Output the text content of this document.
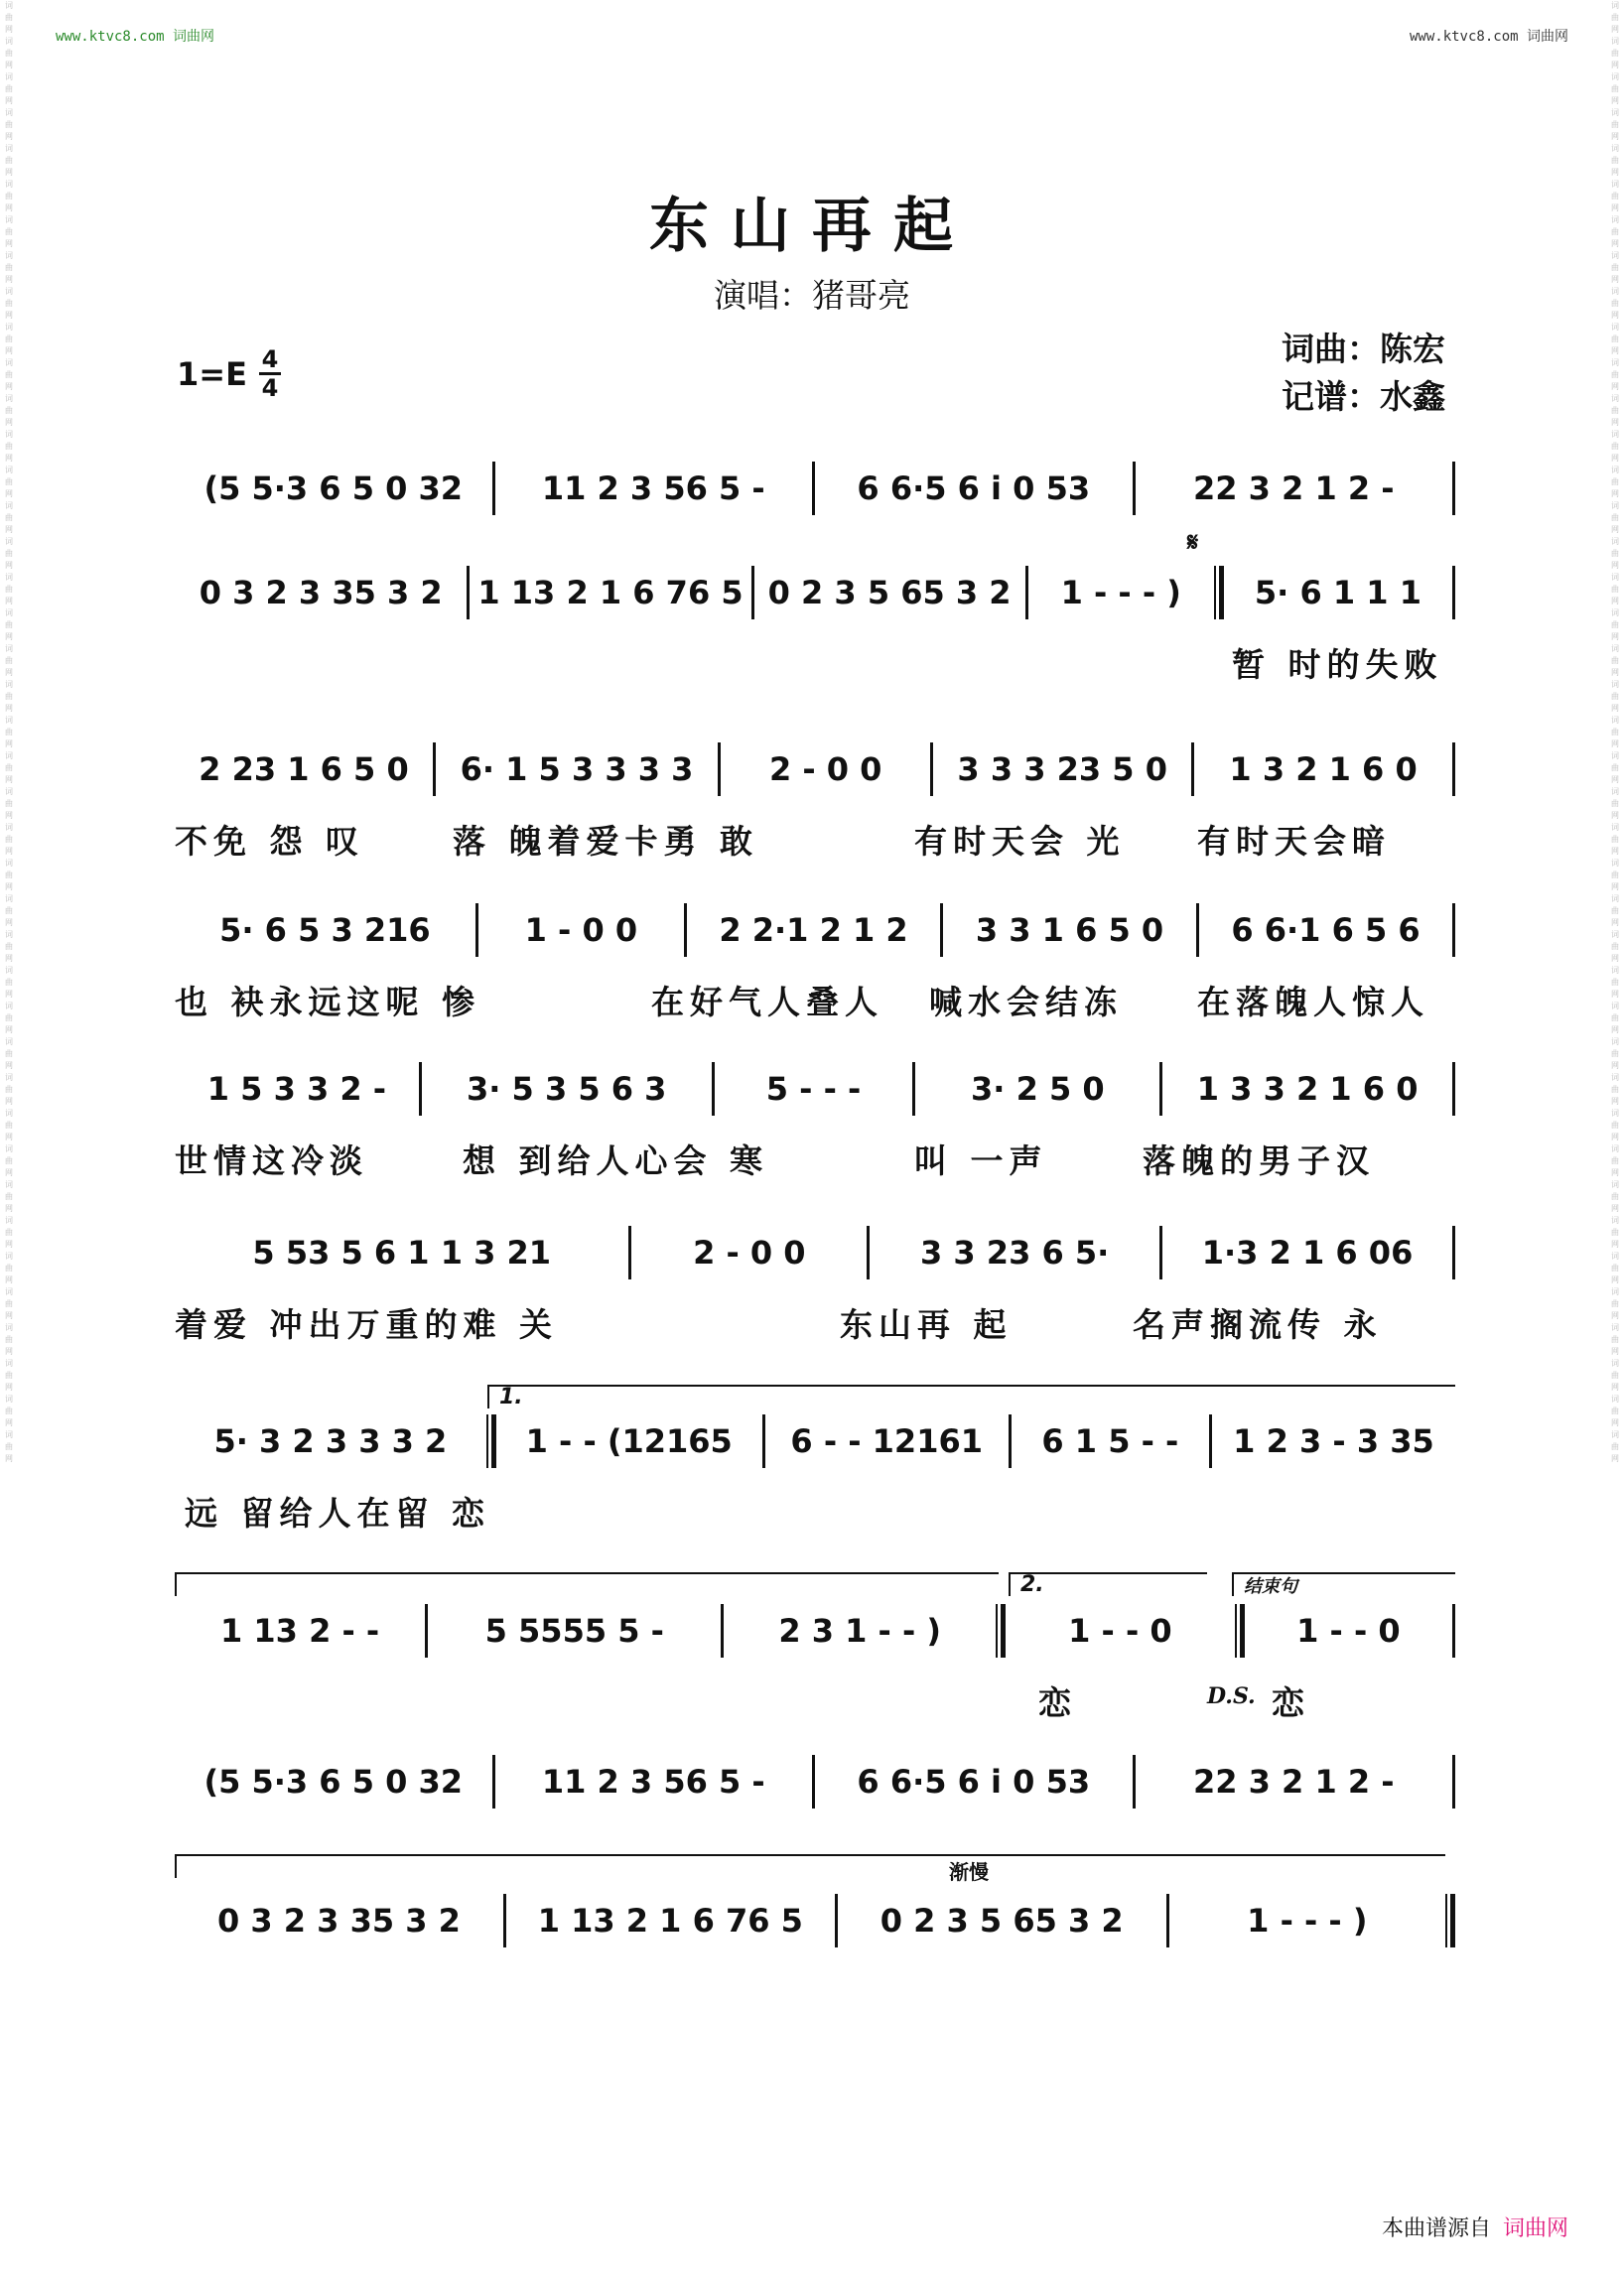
www.ktvc8.com 词曲网	www.ktvc8.com 词曲网
词曲网词曲网词曲网词曲网词曲网词曲网词曲网词曲网词曲网词曲网词曲网词曲网词曲网词曲网词曲网词曲网词曲网词曲网词曲网词曲网词曲网词曲网词曲网词曲网词曲网词曲网词曲网词曲网词曲网词曲网词曲网词曲网词曲网词曲网词曲网词曲网词曲网词曲网词曲网词曲网词曲网
词曲网词曲网词曲网词曲网词曲网词曲网词曲网词曲网词曲网词曲网词曲网词曲网词曲网词曲网词曲网词曲网词曲网词曲网词曲网词曲网词曲网词曲网词曲网词曲网词曲网词曲网词曲网词曲网词曲网词曲网词曲网词曲网词曲网词曲网词曲网词曲网词曲网词曲网词曲网词曲网词曲网
东山再起
演唱：猪哥亮
$1=E \frac{4}{4}$	词曲：陈宏
记谱：水鑫
(5 5·3 6 5 0 32	11 2 3 56 5 -	6 6·5 6 i 0 53	22 3 2 1 2 -
𝄋
0 3 2 3 35 3 2	1 13 2 1 6 76 5 0 2 3 5 65 3 2	1 - - - )	5· 6 1 1 1
暂 时的失败
2 23 1 6 5 0	6· 1 5 3 3 3 3	2 - 0 0	3 3 3 23 5 0	1 3 2 1 6 0
不免 怨 叹	落 魄着爱卡勇 敢	有时天会 光 有时天会暗
5· 6 5 3 216	1 - 0 0	2 2·1 2 1 2	3 3 1 6 5 0	6 6·1 6 5 6
也 袂永远这呢 惨	在好气人叠人 喊水会结冻 在落魄人惊人
1 5 3 3 2 -	3· 5 3 5 6 3	5 - - -	3· 2 5 0	1 3 3 2 1 6 0
世情这冷淡	想 到给人心会 寒	叫 一声	落魄的男子汉
5 53 5 6 1 1 3 21	2 - 0 0	3 3 23 6 5·	1·3 2 1 6 06
着爱 冲出万重的难 关	东山再 起	名声搁流传 永
1.
5· 3 2 3 3 3 2	1 - - (12165	6 - - 12161	6 1 5 - -	1 2 3 - 3 35
远 留给人在留 恋
2.	结束句
1 13 2 - -	5 5555 5 -	2 3 1 - - )	1 - - 0	1 - - 0
恋	D.S. 恋
(5 5·3 6 5 0 32	11 2 3 56 5 -	6 6·5 6 i 0 53	22 3 2 1 2 -
渐慢
0 3 2 3 35 3 2	1 13 2 1 6 76 5	0 2 3 5 65 3 2	1 - - - )
本曲谱源自 词曲网
